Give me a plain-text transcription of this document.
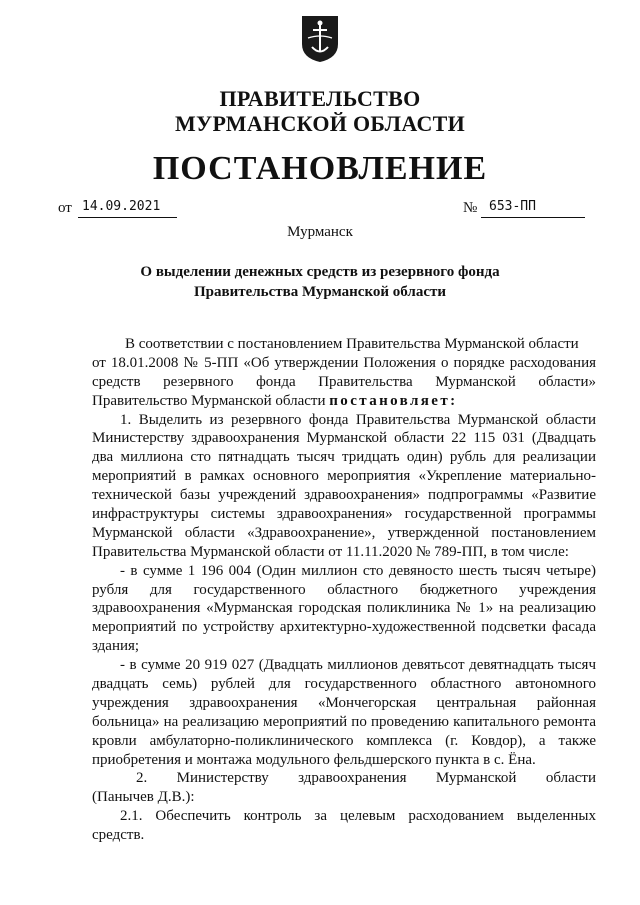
ПРАВИТЕЛЬСТВО
МУРМАНСКОЙ ОБЛАСТИ
ПОСТАНОВЛЕНИЕ
от 14.09.2021	№ 653-ПП
Мурманск
О выделении денежных средств из резервного фонда
Правительства Мурманской области
В соответствии с постановлением Правительства Мурманской области
от 18.01.2008 № 5-ПП «Об утверждении Положения о порядке расходования
средств резервного фонда Правительства Мурманской области»
Правительство Мурманской области постановляет:
1. Выделить из резервного фонда Правительства Мурманской области
Министерству здравоохранения Мурманской области 22 115 031 (Двадцать
два миллиона сто пятнадцать тысяч тридцать один) рубль для реализации
мероприятий в рамках основного мероприятия «Укрепление материально-
технической базы учреждений здравоохранения» подпрограммы «Развитие
инфраструктуры системы здравоохранения» государственной программы
Мурманской области «Здравоохранение», утвержденной постановлением
Правительства Мурманской области от 11.11.2020 № 789-ПП, в том числе:
- в сумме 1 196 004 (Один миллион сто девяносто шесть тысяч четыре)
рубля для государственного областного бюджетного учреждения
здравоохранения «Мурманская городская поликлиника № 1» на реализацию
мероприятий по устройству архитектурно-художественной подсветки фасада
здания;
- в сумме 20 919 027 (Двадцать миллионов девятьсот девятнадцать тысяч
двадцать семь) рублей для государственного областного автономного
учреждения здравоохранения «Мончегорская центральная районная
больница» на реализацию мероприятий по проведению капитального ремонта
кровли амбулаторно-поликлинического комплекса (г. Ковдор), а также
приобретения и монтажа модульного фельдшерского пункта в с. Ёна.
2. Министерству здравоохранения Мурманской области
(Панычев Д.В.):
2.1. Обеспечить контроль за целевым расходованием выделенных
средств.
